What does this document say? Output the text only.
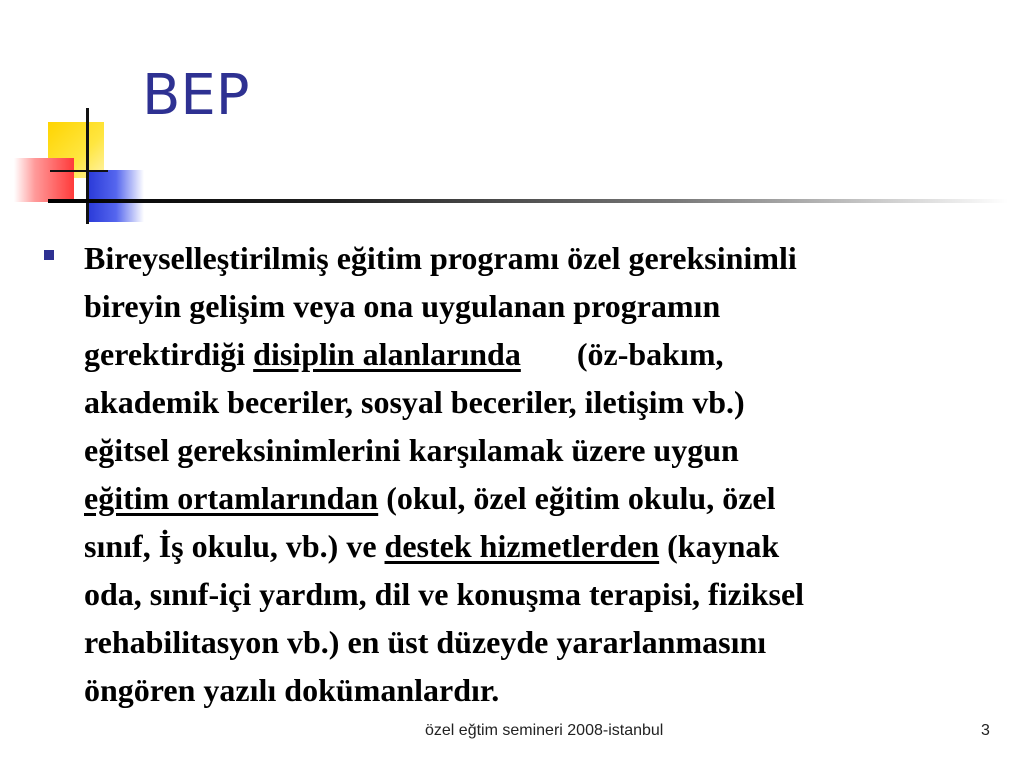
BEP

Bireyselleştirilmiş eğitim programı özel gereksinimli
bireyin gelişim veya ona uygulanan programın
gerektirdiği disiplin alanlarında (öz-bakım,
akademik beceriler, sosyal beceriler, iletişim vb.)
eğitsel gereksinimlerini karşılamak üzere uygun
eğitim ortamlarından (okul, özel eğitim okulu, özel
sınıf, İş okulu, vb.) ve destek hizmetlerden (kaynak
oda, sınıf-içi yardım, dil ve konuşma terapisi, fiziksel
rehabilitasyon vb.) en üst düzeyde yararlanmasını
öngören yazılı dokümanlardır.

özel eğtim semineri 2008-istanbul	3
